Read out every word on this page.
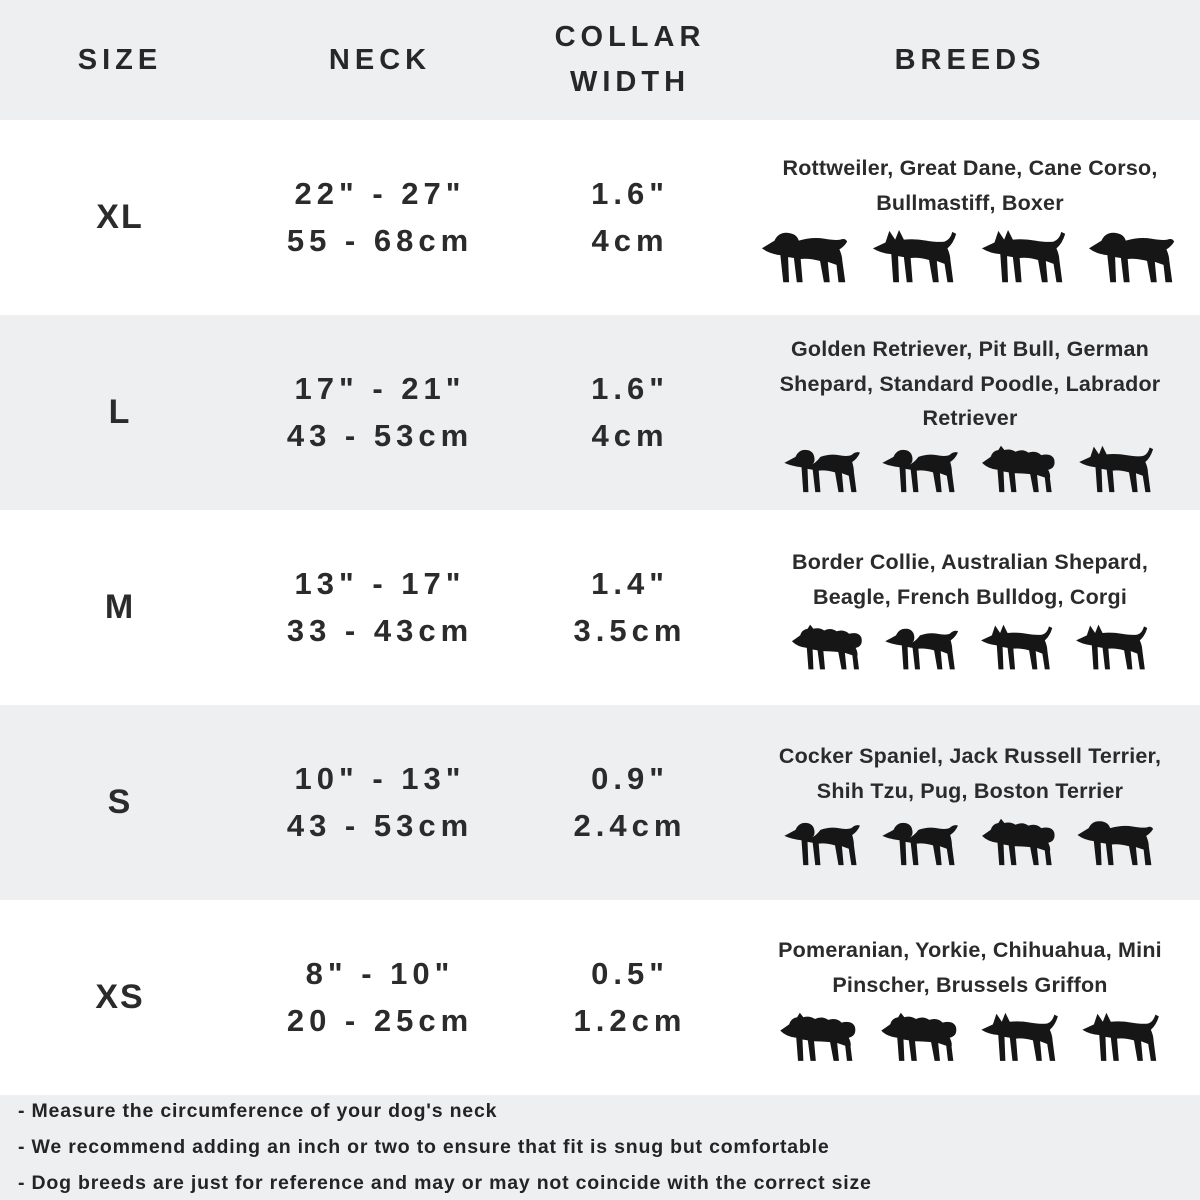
SIZE	NECK
COLLAR WIDTH
BREEDS
XL
22" - 27"
55 - 68cm
1.6"
4cm
Rottweiler, Great Dane, Cane Corso, Bullmastiff, Boxer
L
17" - 21"
43 - 53cm
1.6"
4cm
Golden Retriever, Pit Bull, German Shepard, Standard Poodle, Labrador Retriever
M
13" - 17"
33 - 43cm
1.4"
3.5cm
Border Collie, Australian Shepard, Beagle, French Bulldog, Corgi
S
10" - 13"
43 - 53cm
0.9"
2.4cm
Cocker Spaniel, Jack Russell Terrier, Shih Tzu, Pug, Boston Terrier
XS
8" - 10"
20 - 25cm
0.5"
1.2cm
Pomeranian, Yorkie, Chihuahua, Mini Pinscher, Brussels Griffon
- Measure the circumference of your dog's neck
- We recommend adding an inch or two to ensure that fit is snug but comfortable
- Dog breeds are just for reference and may or may not coincide with the correct size
